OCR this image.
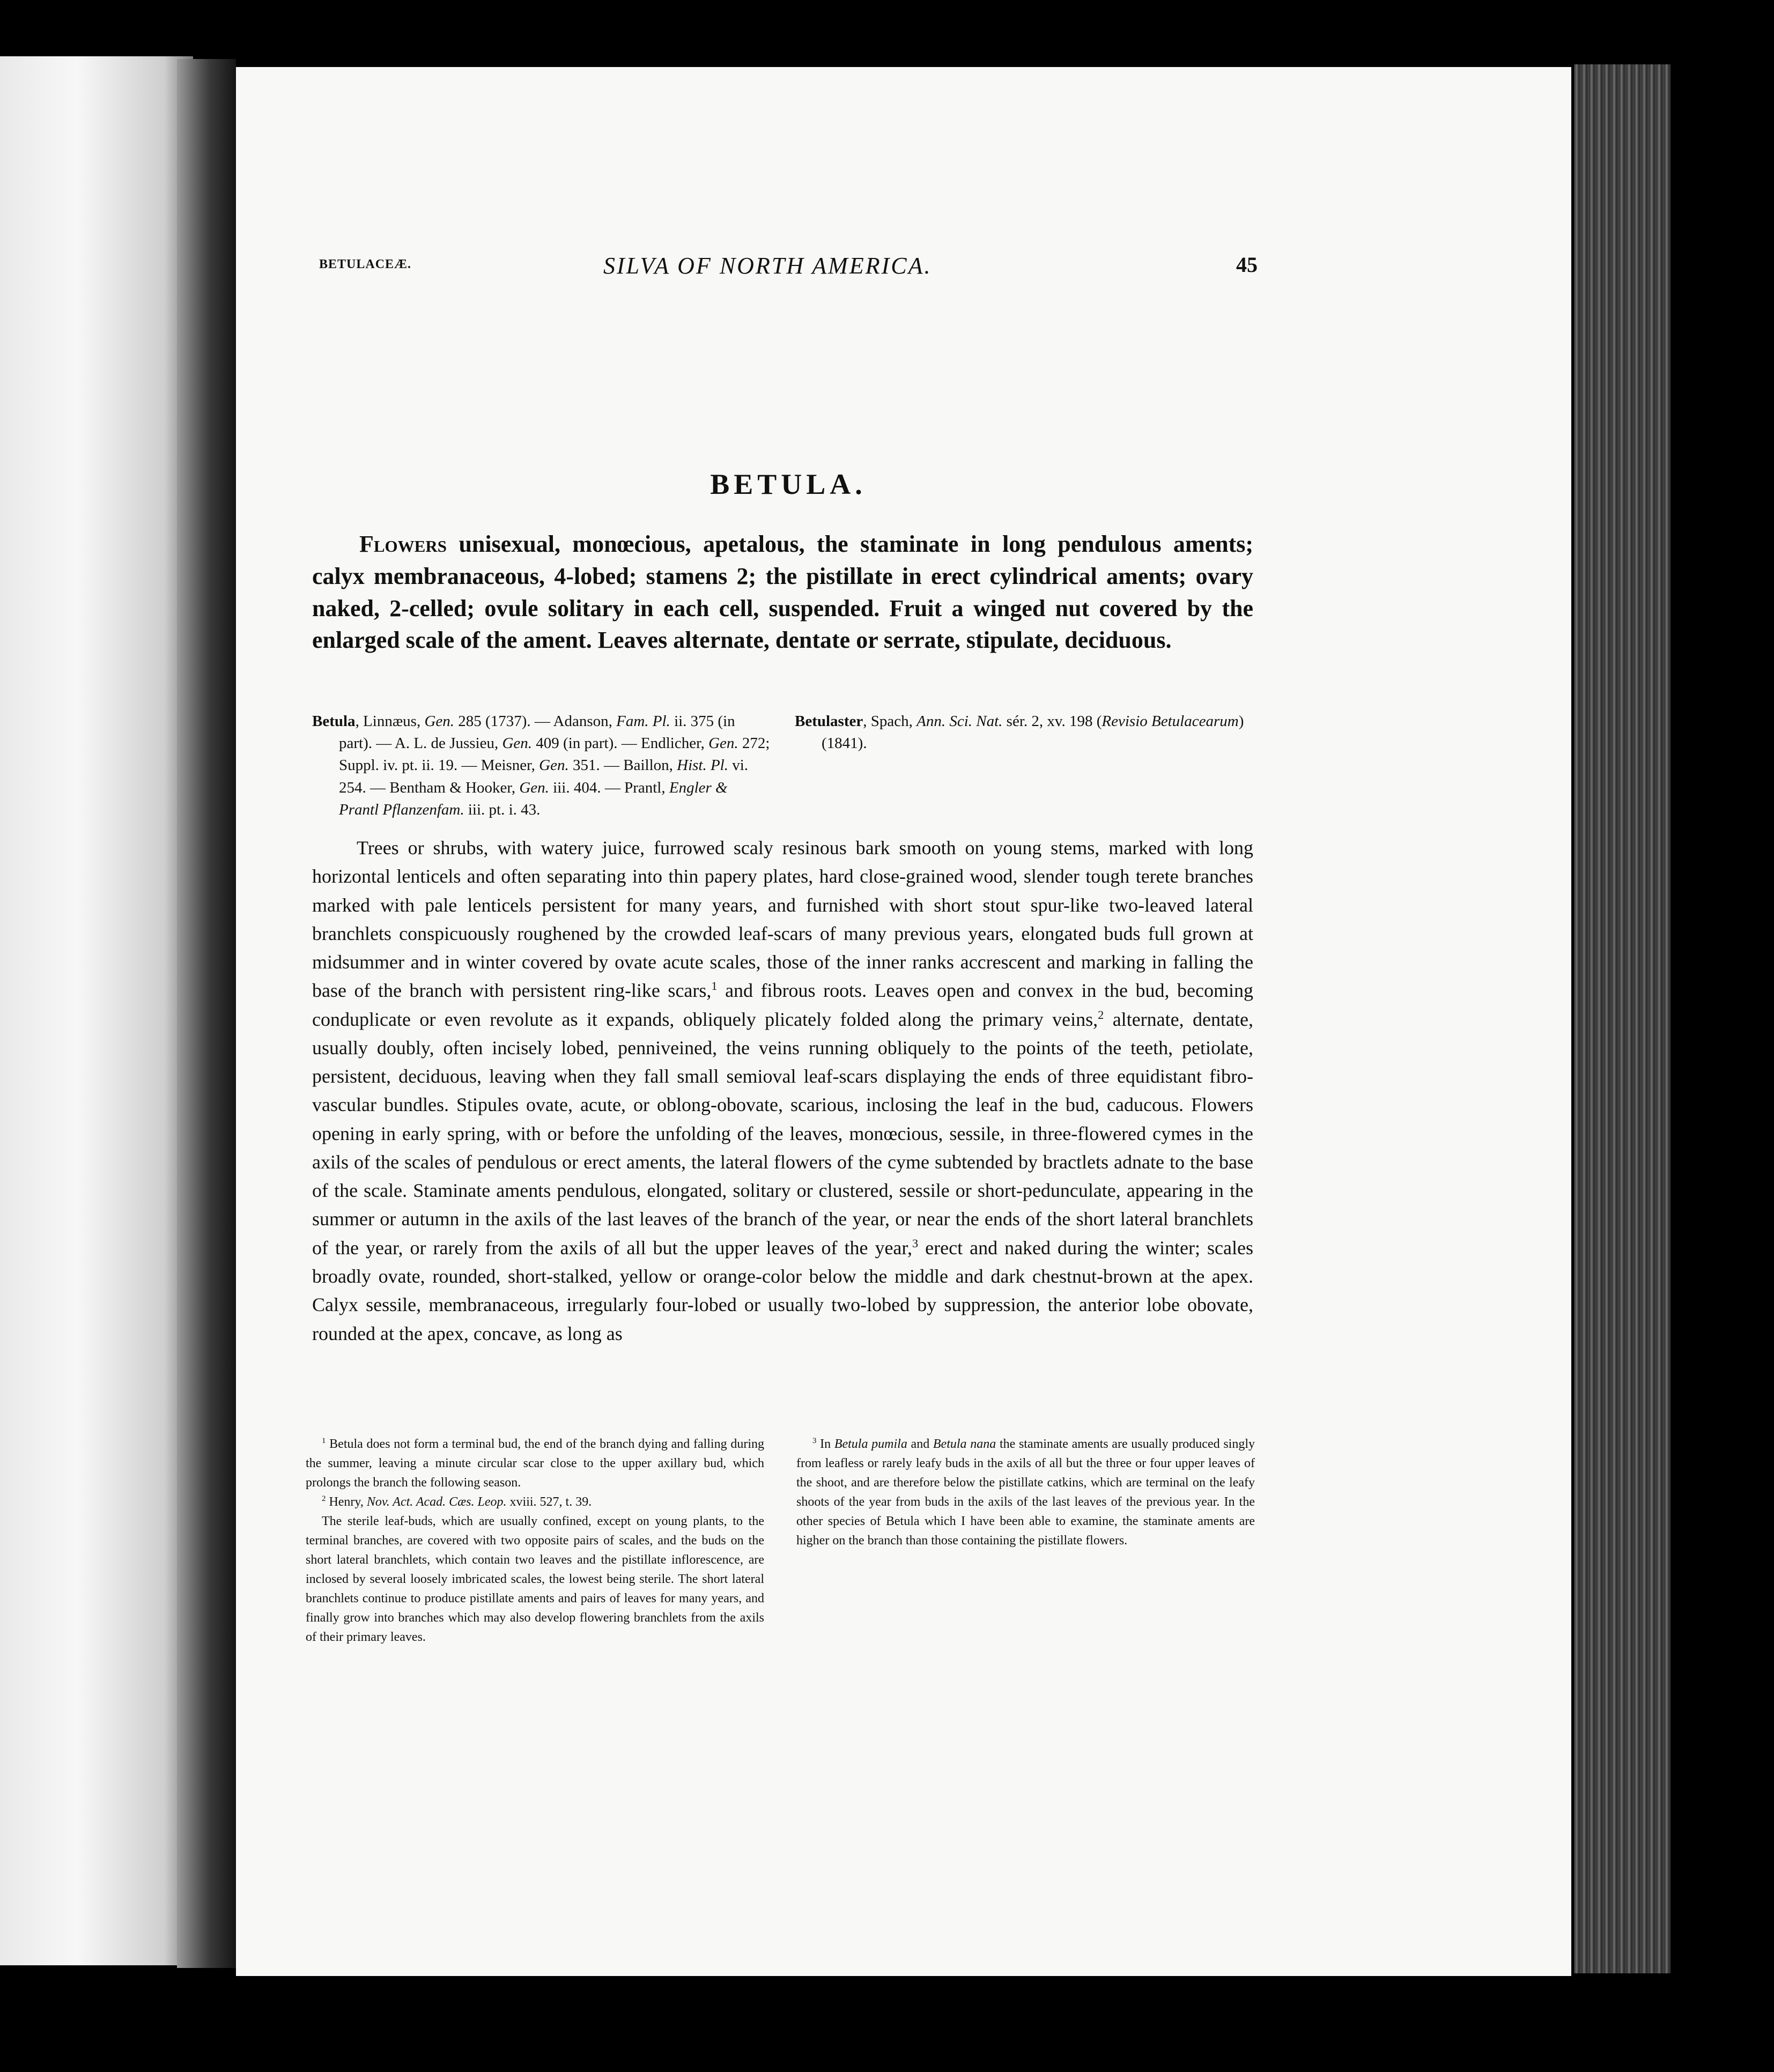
BETULACEÆ.	SILVA OF NORTH AMERICA.	45
BETULA.

Flowers unisexual, monœcious, apetalous, the staminate in long pendulous aments; calyx membranaceous, 4-lobed; stamens 2; the pistillate in erect cylindrical aments; ovary naked, 2-celled; ovule solitary in each cell, suspended. Fruit a winged nut covered by the enlarged scale of the ament. Leaves alternate, dentate or serrate, stipulate, deciduous.

Betula, Linnæus, Gen. 285 (1737). — Adanson, Fam. Pl. ii. 375 (in part). — A. L. de Jussieu, Gen. 409 (in part). — Endlicher, Gen. 272; Suppl. iv. pt. ii. 19. — Meisner, Gen. 351. — Baillon, Hist. Pl. vi. 254. — Bentham & Hooker, Gen. iii. 404. — Prantl, Engler & Prantl Pflanzenfam. iii. pt. i. 43.

Betulaster, Spach, Ann. Sci. Nat. sér. 2, xv. 198 (Revisio Betulacearum) (1841).

Trees or shrubs, with watery juice, furrowed scaly resinous bark smooth on young stems, marked with long horizontal lenticels and often separating into thin papery plates, hard close-grained wood, slender tough terete branches marked with pale lenticels persistent for many years, and furnished with short stout spur-like two-leaved lateral branchlets conspicuously roughened by the crowded leaf-scars of many previous years, elongated buds full grown at midsummer and in winter covered by ovate acute scales, those of the inner ranks accrescent and marking in falling the base of the branch with persistent ring-like scars,$^1$ and fibrous roots. Leaves open and convex in the bud, becoming conduplicate or even revolute as it expands, obliquely plicately folded along the primary veins,$^2$ alternate, dentate, usually doubly, often incisely lobed, penniveined, the veins running obliquely to the points of the teeth, petiolate, persistent, deciduous, leaving when they fall small semioval leaf-scars displaying the ends of three equidistant fibro-vascular bundles. Stipules ovate, acute, or oblong-obovate, scarious, inclosing the leaf in the bud, caducous. Flowers opening in early spring, with or before the unfolding of the leaves, monœcious, sessile, in three-flowered cymes in the axils of the scales of pendulous or erect aments, the lateral flowers of the cyme subtended by bractlets adnate to the base of the scale. Staminate aments pendulous, elongated, solitary or clustered, sessile or short-pedunculate, appearing in the summer or autumn in the axils of the last leaves of the branch of the year, or near the ends of the short lateral branchlets of the year, or rarely from the axils of all but the upper leaves of the year,$^3$ erect and naked during the winter; scales broadly ovate, rounded, short-stalked, yellow or orange-color below the middle and dark chestnut-brown at the apex. Calyx sessile, membranaceous, irregularly four-lobed or usually two-lobed by suppression, the anterior lobe obovate, rounded at the apex, concave, as long as

$^1$ Betula does not form a terminal bud, the end of the branch dying and falling during the summer, leaving a minute circular scar close to the upper axillary bud, which prolongs the branch the following season.

$^2$ Henry, Nov. Act. Acad. Cæs. Leop. xviii. 527, t. 39.

The sterile leaf-buds, which are usually confined, except on young plants, to the terminal branches, are covered with two opposite pairs of scales, and the buds on the short lateral branchlets, which contain two leaves and the pistillate inflorescence, are inclosed by several loosely imbricated scales, the lowest being sterile. The short lateral branchlets continue to produce pistillate aments and pairs of leaves for many years, and finally grow into branches which may also develop flowering branchlets from the axils of their primary leaves.

$^3$ In Betula pumila and Betula nana the staminate aments are usually produced singly from leafless or rarely leafy buds in the axils of all but the three or four upper leaves of the shoot, and are therefore below the pistillate catkins, which are terminal on the leafy shoots of the year from buds in the axils of the last leaves of the previous year. In the other species of Betula which I have been able to examine, the staminate aments are higher on the branch than those containing the pistillate flowers.
